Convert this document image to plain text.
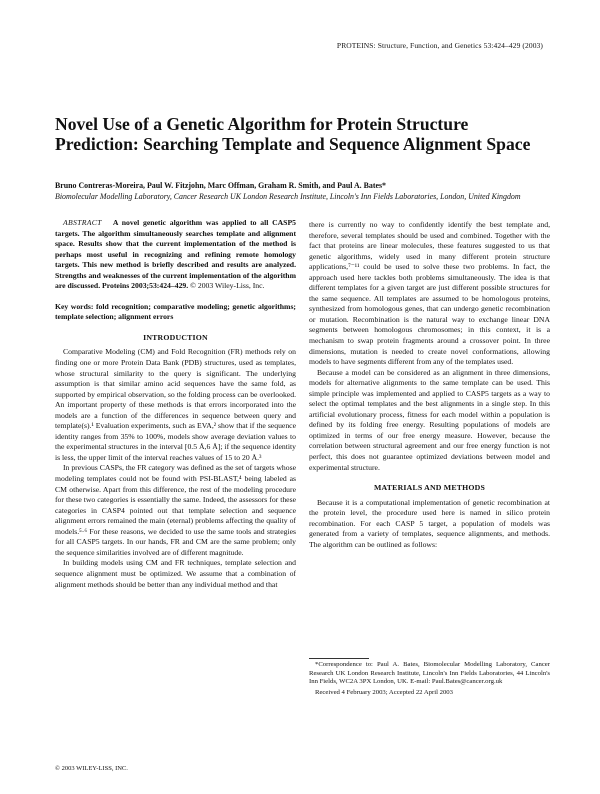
PROTEINS: Structure, Function, and Genetics 53:424–429 (2003)
Novel Use of a Genetic Algorithm for Protein Structure Prediction: Searching Template and Sequence Alignment Space
Bruno Contreras-Moreira, Paul W. Fitzjohn, Marc Offman, Graham R. Smith, and Paul A. Bates*
Biomolecular Modelling Laboratory, Cancer Research UK London Research Institute, Lincoln's Inn Fields Laboratories, London, United Kingdom

ABSTRACT A novel genetic algorithm was applied to all CASP5 targets. The algorithm simultaneously searches template and alignment space. Results show that the current implementation of the method is perhaps most useful in recognizing and refining remote homology targets. This new method is briefly described and results are analyzed. Strengths and weaknesses of the current implementation of the algorithm are discussed. Proteins 2003;53:424–429. © 2003 Wiley-Liss, Inc.

Key words: fold recognition; comparative modeling; genetic algorithms; template selection; alignment errors

INTRODUCTION

Comparative Modeling (CM) and Fold Recognition (FR) methods rely on finding one or more Protein Data Bank (PDB) structures, used as templates, whose structural similarity to the query is significant. The underlying assumption is that similar amino acid sequences have the same fold, as supported by empirical observation, so the folding process can be overlooked. An important property of these methods is that errors incorporated into the models are a function of the differences in sequence between query and template(s).¹ Evaluation experiments, such as EVA,² show that if the sequence identity ranges from 35% to 100%, models show average deviation values to the experimental structures in the interval [0.5 Å,6 Å]; if the sequence identity is less, the upper limit of the interval reaches values of 15 to 20 Å.³

In previous CASPs, the FR category was defined as the set of targets whose modeling templates could not be found with PSI-BLAST,⁴ being labeled as CM otherwise. Apart from this difference, the rest of the modeling procedure for these two categories is essentially the same. Indeed, the assessors for these categories in CASP4 pointed out that template selection and sequence alignment errors remained the main (eternal) problems affecting the quality of models.⁵·⁶ For these reasons, we decided to use the same tools and strategies for all CASP5 targets. In our hands, FR and CM are the same problem; only the sequence similarities involved are of different magnitude.

In building models using CM and FR techniques, template selection and sequence alignment must be optimized. We assume that a combination of alignment methods should be better than any individual method and that

there is currently no way to confidently identify the best template and, therefore, several templates should be used and combined. Together with the fact that proteins are linear molecules, these features suggested to us that genetic algorithms, widely used in many different protein structure applications,⁷⁻¹¹ could be used to solve these two problems. In fact, the approach used here tackles both problems simultaneously. The idea is that different templates for a given target are just different possible structures for the same sequence. All templates are assumed to be homologous proteins, synthesized from homologous genes, that can undergo genetic recombination or mutation. Recombination is the natural way to exchange linear DNA segments between homologous chromosomes; in this context, it is a mechanism to swap protein fragments around a crossover point. In three dimensions, mutation is needed to create novel conformations, allowing models to have segments different from any of the templates used.

Because a model can be considered as an alignment in three dimensions, models for alternative alignments to the same template can be used. This simple principle was implemented and applied to CASP5 targets as a way to select the optimal templates and the best alignments in a single step. In this artificial evolutionary process, fitness for each model within a population is defined by its folding free energy. Resulting populations of models are optimized in terms of our free energy measure. However, because the correlation between structural agreement and our free energy function is not perfect, this does not guarantee optimized deviations between model and experimental structure.

MATERIALS AND METHODS

Because it is a computational implementation of genetic recombination at the protein level, the procedure used here is named in silico protein recombination. For each CASP 5 target, a population of models was generated from a variety of templates, sequence alignments, and methods. The algorithm can be outlined as follows:

*Correspondence to: Paul A. Bates, Biomolecular Modelling Laboratory, Cancer Research UK London Research Institute, Lincoln's Inn Fields Laboratories, 44 Lincoln's Inn Fields, WC2A 3PX London, UK. E-mail: Paul.Bates@cancer.org.uk

Received 4 February 2003; Accepted 22 April 2003

© 2003 WILEY-LISS, INC.
